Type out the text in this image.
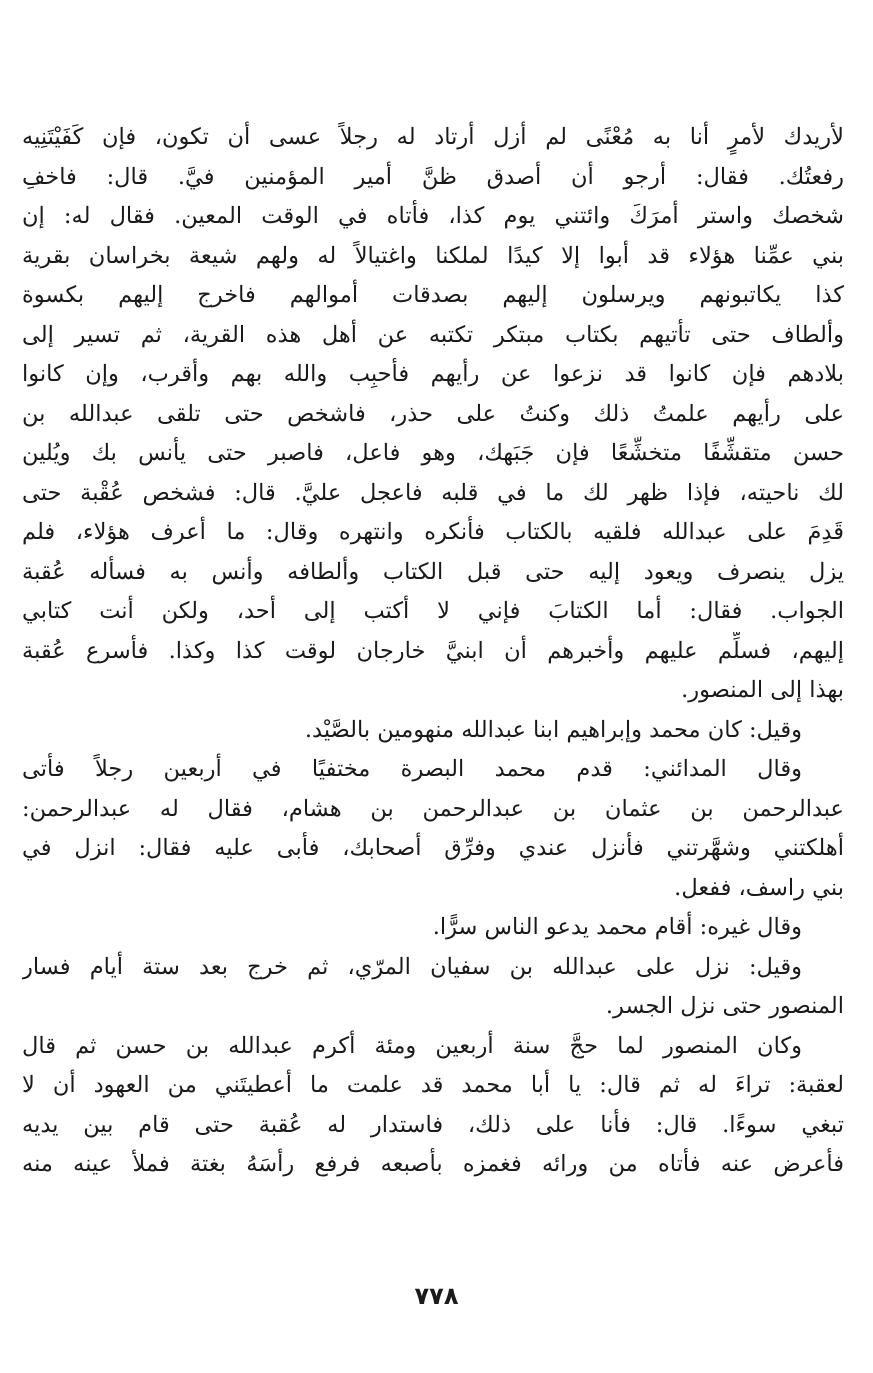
لأريدك لأمرٍ أنا به مُعْنًى لم أزل أرتاد له رجلاً عسى أن تكون، فإن كَفَيْتَنِيه
رفعتُك. فقال: أرجو أن أصدق ظنَّ أمير المؤمنين فيَّ. قال: فاخفِ
شخصك واستر أمرَكَ وائتني يوم كذا، فأتاه في الوقت المعين. فقال له: إن
بني عمِّنا هؤلاء قد أبوا إلا كيدًا لملكنا واغتيالاً له ولهم شيعة بخراسان بقرية
كذا يكاتبونهم ويرسلون إليهم بصدقات أموالهم فاخرج إليهم بكسوة
وألطاف حتى تأتيهم بكتاب مبتكر تكتبه عن أهل هذه القرية، ثم تسير إلى
بلادهم فإن كانوا قد نزعوا عن رأيهم فأحبِب والله بهم وأقرب، وإن كانوا
على رأيهم علمتُ ذلك وكنتُ على حذر، فاشخص حتى تلقى عبدالله بن
حسن متقشِّفًا متخشِّعًا فإن جَبَهك، وهو فاعل، فاصبر حتى يأنس بك ويُلين
لك ناحيته، فإذا ظهر لك ما في قلبه فاعجل عليَّ. قال: فشخص عُقْبة حتى
قَدِمَ على عبدالله فلقيه بالكتاب فأنكره وانتهره وقال: ما أعرف هؤلاء، فلم
يزل ينصرف ويعود إليه حتى قبل الكتاب وألطافه وأنس به فسأله عُقبة
الجواب. فقال: أما الكتابَ فإني لا أكتب إلى أحد، ولكن أنت كتابي
إليهم، فسلِّم عليهم وأخبرهم أن ابنيَّ خارجان لوقت كذا وكذا. فأسرع عُقبة
بهذا إلى المنصور.
وقيل: كان محمد وإبراهيم ابنا عبدالله منهومين بالصَّيْد.
وقال المدائني: قدم محمد البصرة مختفيًا في أربعين رجلاً فأتى
عبدالرحمن بن عثمان بن عبدالرحمن بن هشام، فقال له عبدالرحمن:
أهلكتني وشهَّرتني فأنزل عندي وفرِّق أصحابك، فأبى عليه فقال: انزل في
بني راسف، ففعل.
وقال غيره: أقام محمد يدعو الناس سرًّا.
وقيل: نزل على عبدالله بن سفيان المرّي، ثم خرج بعد ستة أيام فسار
المنصور حتى نزل الجسر.
وكان المنصور لما حجَّ سنة أربعين ومئة أكرم عبدالله بن حسن ثم قال
لعقبة: تراءَ له ثم قال: يا أبا محمد قد علمت ما أعطيتَني من العهود أن لا
تبغي سوءًا. قال: فأنا على ذلك، فاستدار له عُقبة حتى قام بين يديه
فأعرض عنه فأتاه من ورائه فغمزه بأصبعه فرفع رأسَهُ بغتة فملأ عينه منه
٧٧٨
